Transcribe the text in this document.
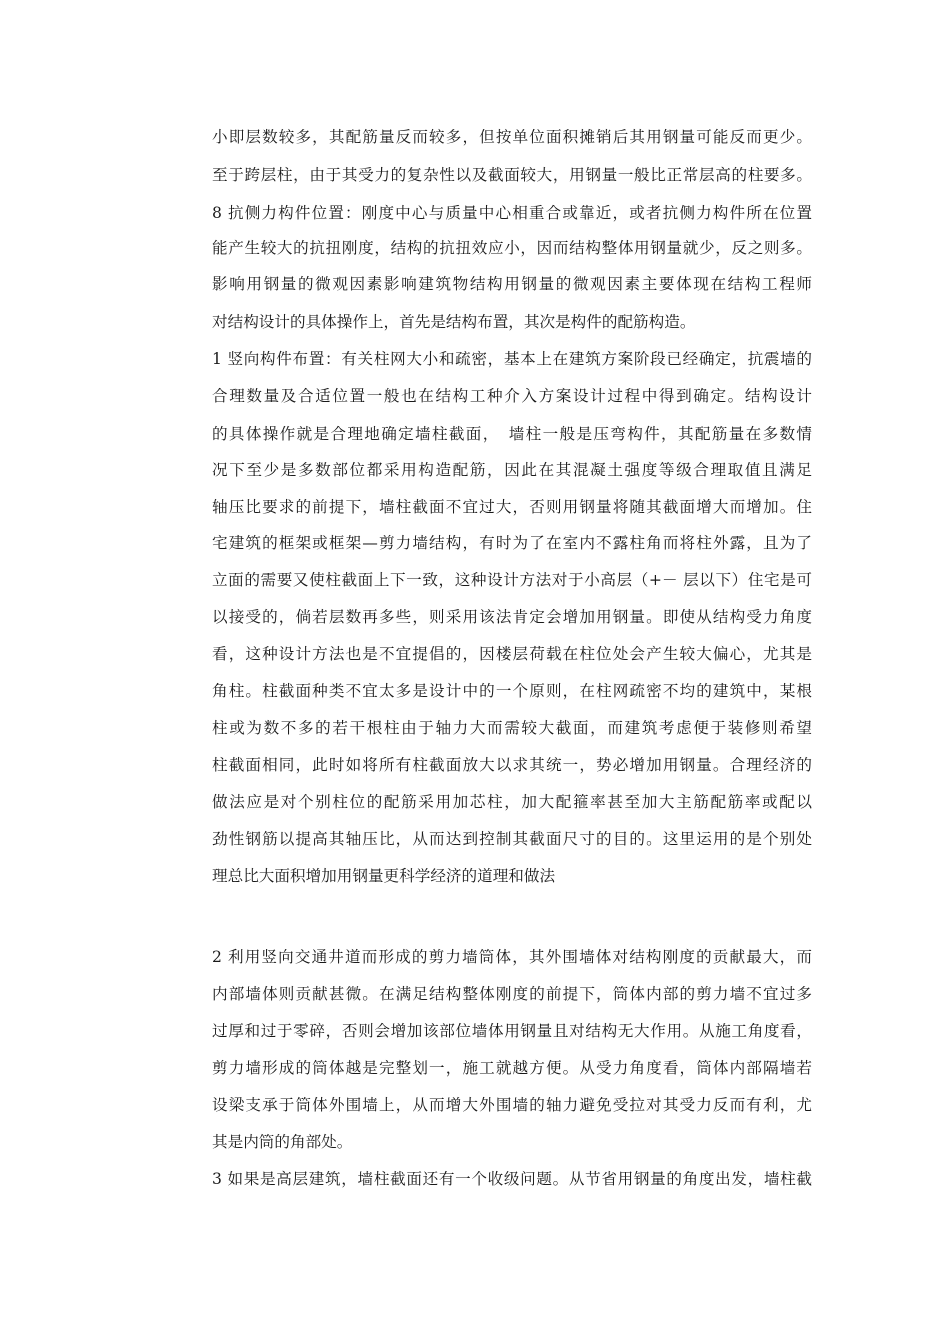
小即层数较多，其配筋量反而较多，但按单位面积摊销后其用钢量可能反而更少。
至于跨层柱，由于其受力的复杂性以及截面较大，用钢量一般比正常层高的柱要多。
8 抗侧力构件位置：刚度中心与质量中心相重合或靠近，或者抗侧力构件所在位置
能产生较大的抗扭刚度，结构的抗扭效应小，因而结构整体用钢量就少，反之则多。
影响用钢量的微观因素影响建筑物结构用钢量的微观因素主要体现在结构工程师
对结构设计的具体操作上，首先是结构布置，其次是构件的配筋构造。
1 竖向构件布置：有关柱网大小和疏密，基本上在建筑方案阶段已经确定，抗震墙的
合理数量及合适位置一般也在结构工种介入方案设计过程中得到确定。结构设计
的具体操作就是合理地确定墙柱截面，　墙柱一般是压弯构件，其配筋量在多数情
况下至少是多数部位都采用构造配筋，因此在其混凝土强度等级合理取值且满足
轴压比要求的前提下，墙柱截面不宜过大，否则用钢量将随其截面增大而增加。住
宅建筑的框架或框架—剪力墙结构，有时为了在室内不露柱角而将柱外露，且为了
立面的需要又使柱截面上下一致，这种设计方法对于小高层（+－ 层以下）住宅是可
以接受的，倘若层数再多些，则采用该法肯定会增加用钢量。即使从结构受力角度
看，这种设计方法也是不宜提倡的，因楼层荷载在柱位处会产生较大偏心，尤其是
角柱。柱截面种类不宜太多是设计中的一个原则，在柱网疏密不均的建筑中，某根
柱或为数不多的若干根柱由于轴力大而需较大截面，而建筑考虑便于装修则希望
柱截面相同，此时如将所有柱截面放大以求其统一，势必增加用钢量。合理经济的
做法应是对个别柱位的配筋采用加芯柱，加大配箍率甚至加大主筋配筋率或配以
劲性钢筋以提高其轴压比，从而达到控制其截面尺寸的目的。这里运用的是个别处
理总比大面积增加用钢量更科学经济的道理和做法
2 利用竖向交通井道而形成的剪力墙筒体，其外围墙体对结构刚度的贡献最大，而
内部墙体则贡献甚微。在满足结构整体刚度的前提下，筒体内部的剪力墙不宜过多
过厚和过于零碎，否则会增加该部位墙体用钢量且对结构无大作用。从施工角度看，
剪力墙形成的筒体越是完整划一，施工就越方便。从受力角度看，筒体内部隔墙若
设梁支承于筒体外围墙上，从而增大外围墙的轴力避免受拉对其受力反而有利，尤
其是内筒的角部处。
3 如果是高层建筑，墙柱截面还有一个收级问题。从节省用钢量的角度出发，墙柱截
